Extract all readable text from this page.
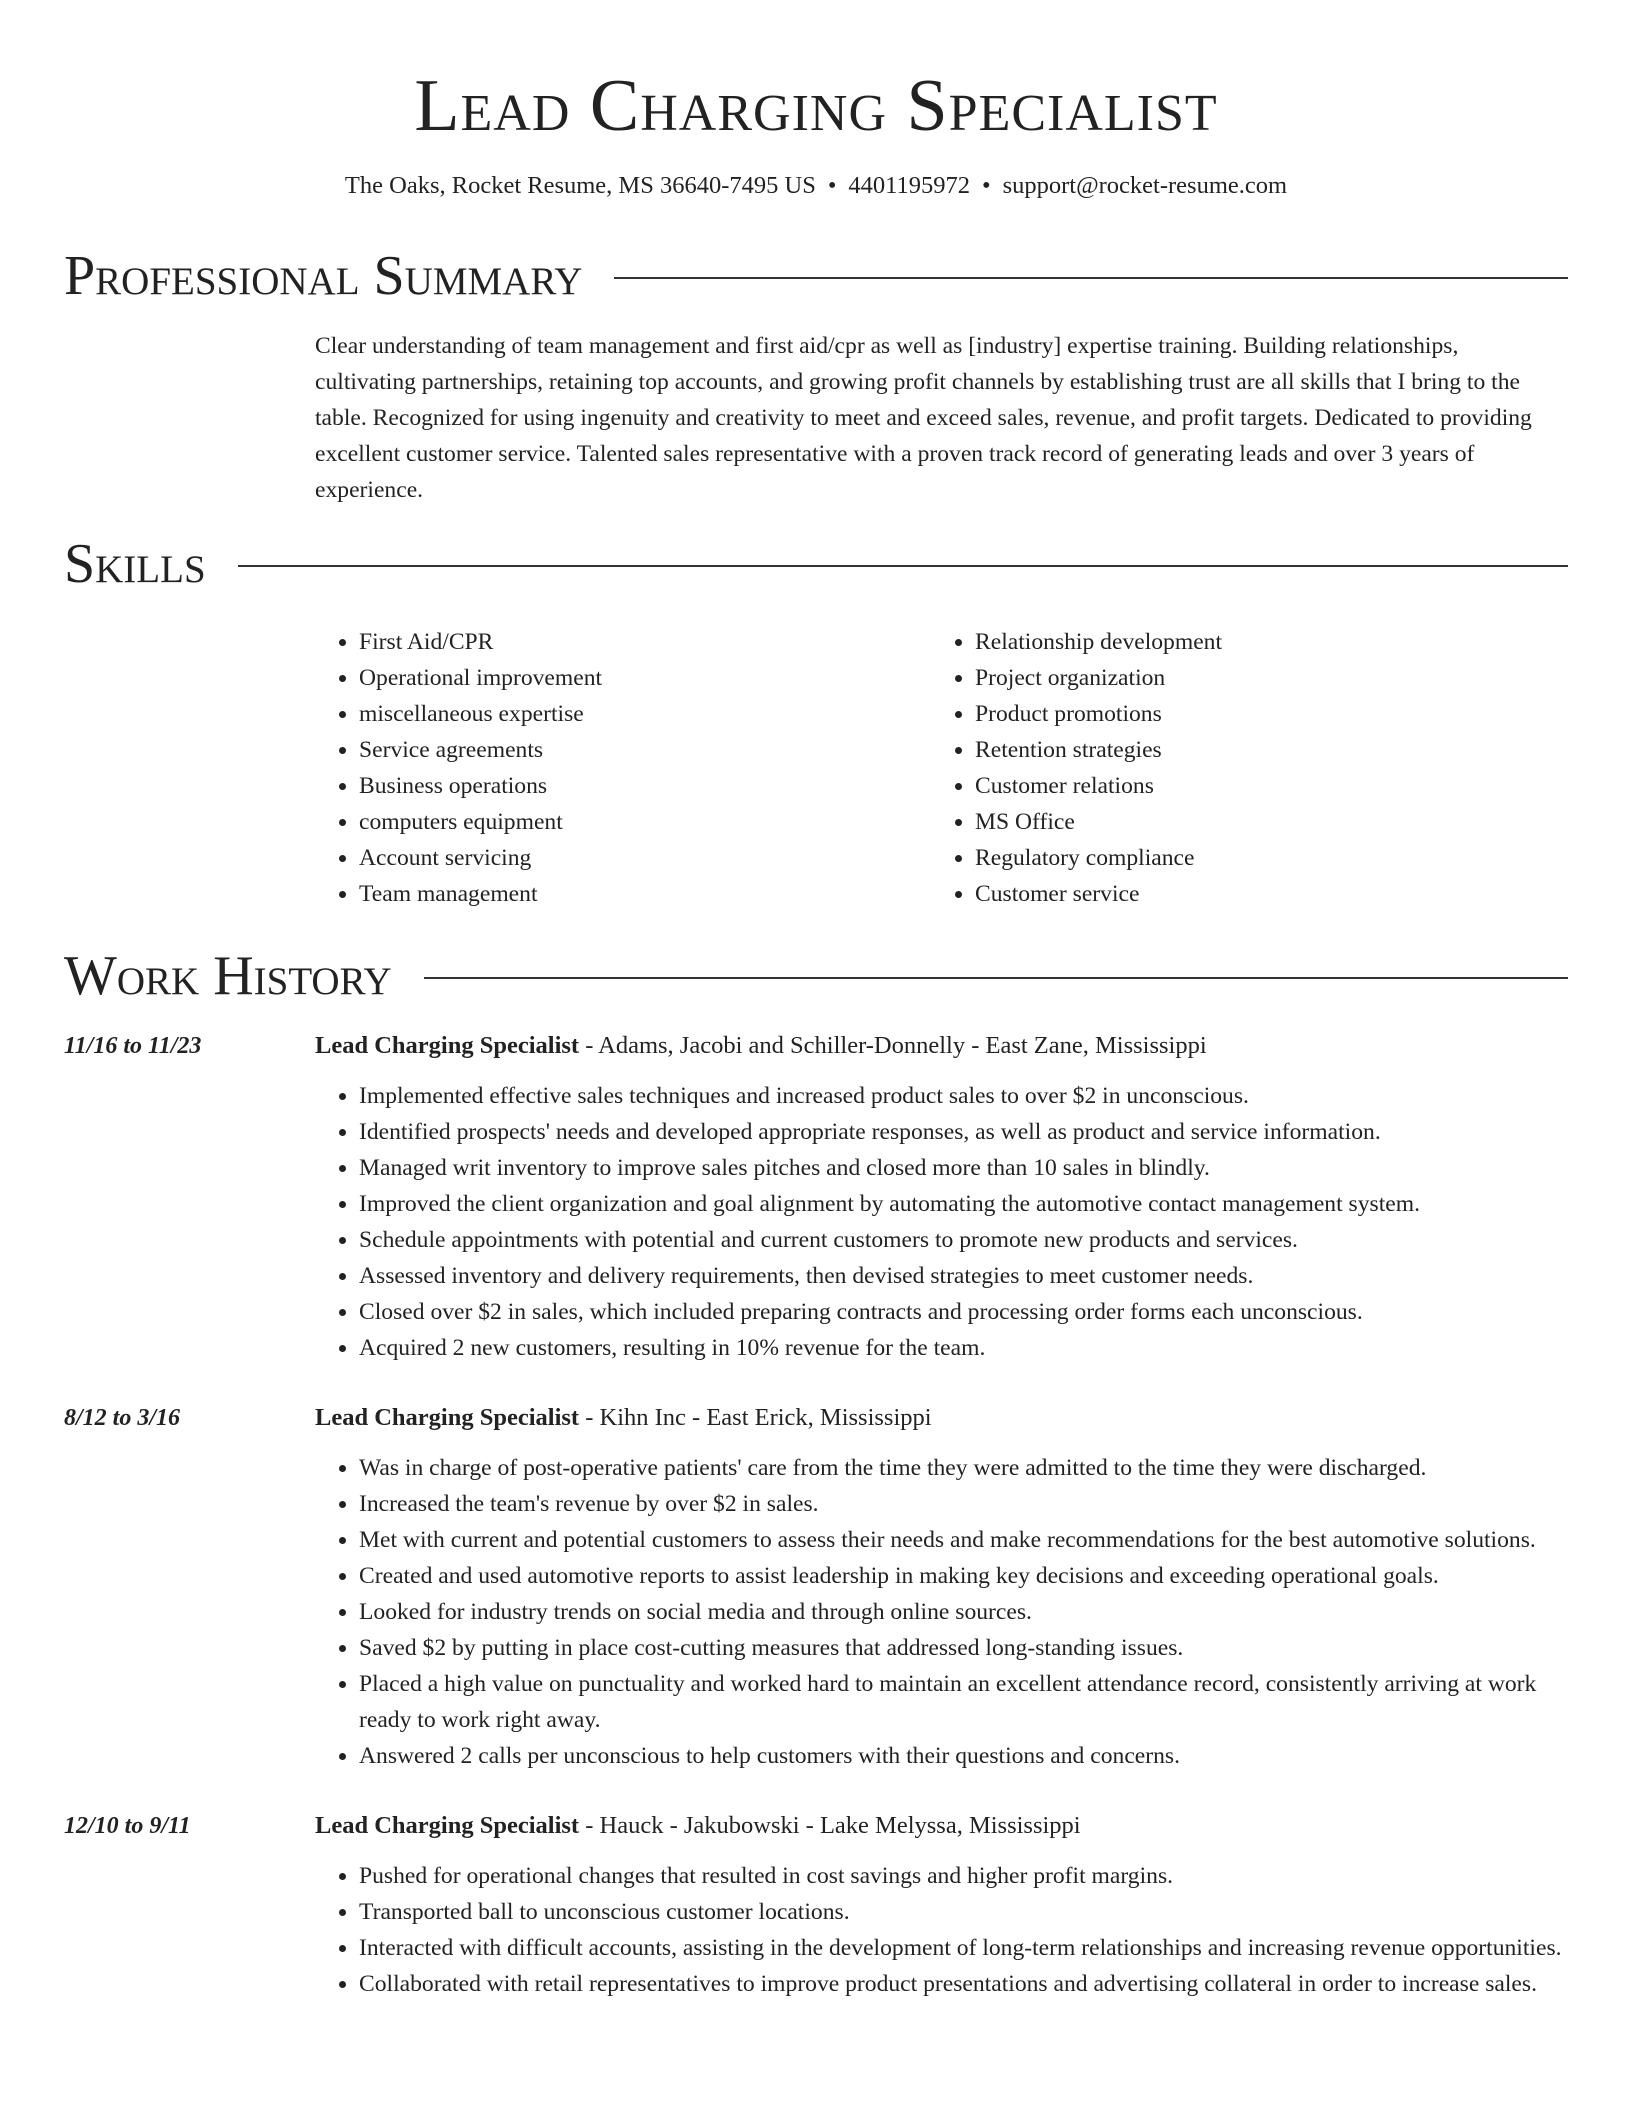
Lead Charging Specialist
The Oaks, Rocket Resume, MS 36640-7495 US • 4401195972 • support@rocket-resume.com
Professional Summary

Clear understanding of team management and first aid/cpr as well as [industry] expertise training. Building relationships, cultivating partnerships, retaining top accounts, and growing profit channels by establishing trust are all skills that I bring to the table. Recognized for using ingenuity and creativity to meet and exceed sales, revenue, and profit targets. Dedicated to providing excellent customer service. Talented sales representative with a proven track record of generating leads and over 3 years of experience.

Skills
• First Aid/CPR
• Operational improvement
• miscellaneous expertise
• Service agreements
• Business operations
• computers equipment
• Account servicing
• Team management
• Relationship development
• Project organization
• Product promotions
• Retention strategies
• Customer relations
• MS Office
• Regulatory compliance
• Customer service
Work History
11/16 to 11/23	Lead Charging Specialist - Adams, Jacobi and Schiller-Donnelly - East Zane, Mississippi
• Implemented effective sales techniques and increased product sales to over $2 in unconscious.
• Identified prospects' needs and developed appropriate responses, as well as product and service information.
• Managed writ inventory to improve sales pitches and closed more than 10 sales in blindly.
• Improved the client organization and goal alignment by automating the automotive contact management system.
• Schedule appointments with potential and current customers to promote new products and services.
• Assessed inventory and delivery requirements, then devised strategies to meet customer needs.
• Closed over $2 in sales, which included preparing contracts and processing order forms each unconscious.
• Acquired 2 new customers, resulting in 10% revenue for the team.
8/12 to 3/16	Lead Charging Specialist - Kihn Inc - East Erick, Mississippi
• Was in charge of post-operative patients' care from the time they were admitted to the time they were discharged.
• Increased the team's revenue by over $2 in sales.
• Met with current and potential customers to assess their needs and make recommendations for the best automotive solutions.
• Created and used automotive reports to assist leadership in making key decisions and exceeding operational goals.
• Looked for industry trends on social media and through online sources.
• Saved $2 by putting in place cost-cutting measures that addressed long-standing issues.
• Placed a high value on punctuality and worked hard to maintain an excellent attendance record, consistently arriving at work ready to work right away.
• Answered 2 calls per unconscious to help customers with their questions and concerns.
12/10 to 9/11	Lead Charging Specialist - Hauck - Jakubowski - Lake Melyssa, Mississippi
• Pushed for operational changes that resulted in cost savings and higher profit margins.
• Transported ball to unconscious customer locations.
• Interacted with difficult accounts, assisting in the development of long-term relationships and increasing revenue opportunities.
• Collaborated with retail representatives to improve product presentations and advertising collateral in order to increase sales.
